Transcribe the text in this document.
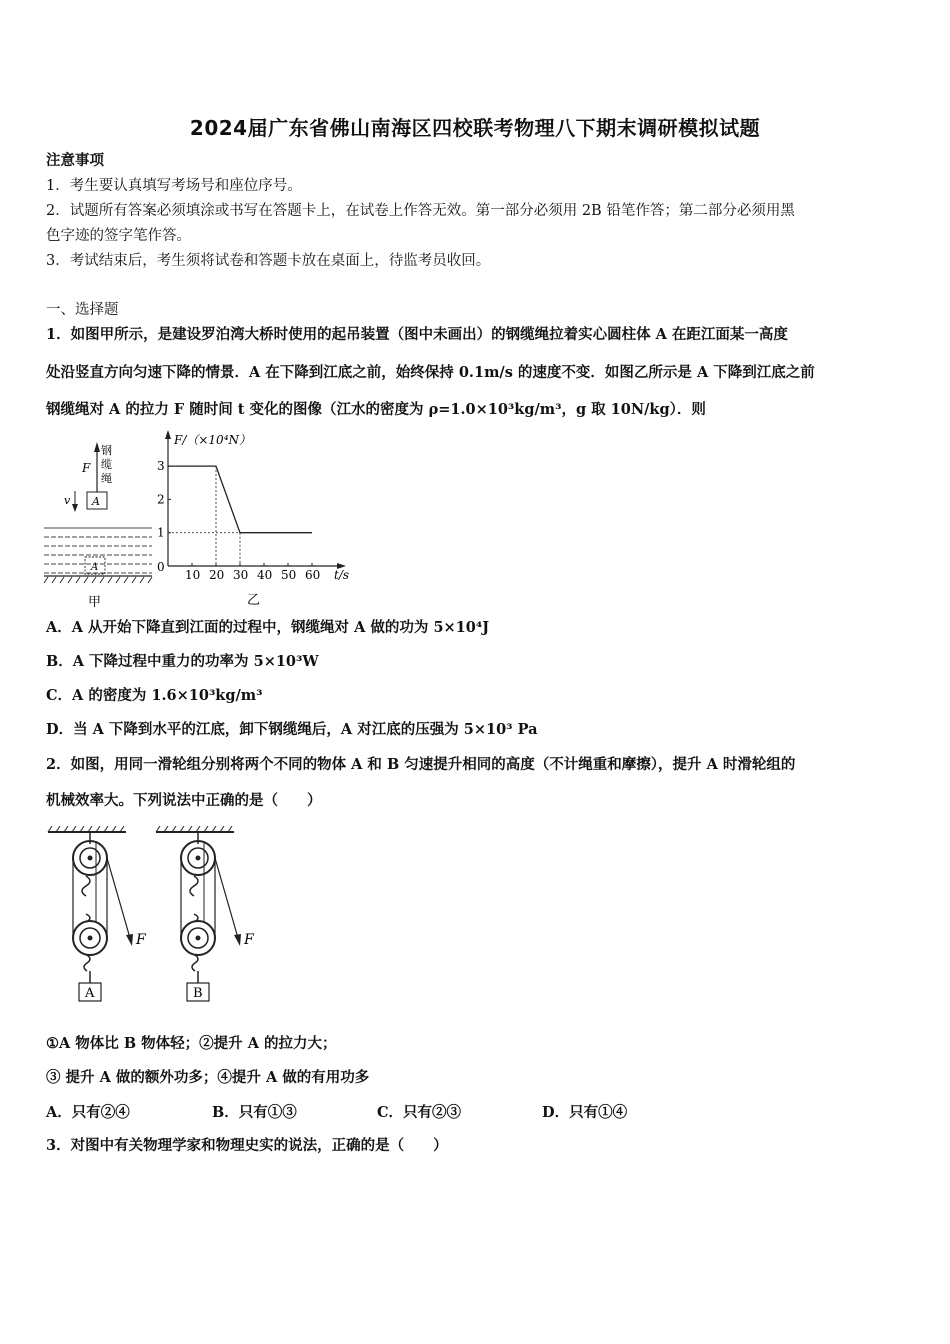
2024届广东省佛山南海区四校联考物理八下期末调研模拟试题
注意事项
1．考生要认真填写考场号和座位序号。
2．试题所有答案必须填涂或书写在答题卡上，在试卷上作答无效。第一部分必须用 2B 铅笔作答；第二部分必须用黑
色字迹的签字笔作答。
3．考试结束后，考生须将试卷和答题卡放在桌面上，待监考员收回。
一、选择题
1．如图甲所示，是建设罗泊湾大桥时使用的起吊装置（图中未画出）的钢缆绳拉着实心圆柱体 A 在距江面某一高度
处沿竖直方向匀速下降的情景．A 在下降到江底之前，始终保持 0.1m/s 的速度不变．如图乙所示是 A 下降到江底之前
钢缆绳对 A 的拉力 F 随时间 t 变化的图像（江水的密度为 ρ=1.0×10³kg/m³，g 取 10N/kg）．则
F
钢
缆
绳
A
v
A
甲
F/（×10⁴N）
t/s
0
10 20 30 40 50 60
1
2
3
乙
A．A 从开始下降直到江面的过程中，钢缆绳对 A 做的功为 5×10⁴J
B．A 下降过程中重力的功率为 5×10³W
C．A 的密度为 1.6×10³kg/m³
D．当 A 下降到水平的江底，卸下钢缆绳后，A 对江底的压强为 5×10³ Pa
2．如图，用同一滑轮组分别将两个不同的物体 A 和 B 匀速提升相同的高度（不计绳重和摩擦），提升 A 时滑轮组的
机械效率大。下列说法中正确的是（　　）
F
A
F
B
①A 物体比 B 物体轻；②提升 A 的拉力大；
③ 提升 A 做的额外功多；④提升 A 做的有用功多
A．只有②④	B．只有①③	C．只有②③	D．只有①④
3．对图中有关物理学家和物理史实的说法，正确的是（　　）
